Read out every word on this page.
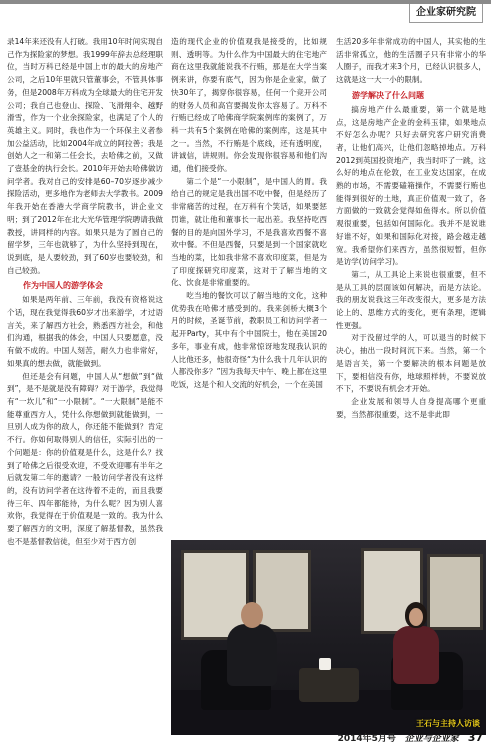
企业家研究院

录14年来还没有人打破。我用10年时间实现自己作为探险家的梦想。我1999年辞去总经理职位，当时万科已经是中国上市的最大的房地产公司，之后10年里就只管董事会，不管具体事务，但是2008年万科成为全球最大的住宅开发公司；我自己也登山、探险、飞滑翔伞、越野滑雪，作为一个业余探险家，也满足了个人的英雄主义。同时，我也作为一个环保主义者参加公益活动，比如2004年成立的阿拉善；我是创始人之一和第二任会长，去哈佛之前，又做了壹基金的执行会长。2010年开始去哈佛做访问学者。我对自己的安排是60–70岁逐步减少探险活动，更多地作为老师去大学教书。2009年我开始在香港大学商学院教书，讲企业文明；到了2012年在北大光华管理学院聘请我做教授，讲同样的内容。如果只是为了圆自己的留学梦，三年也就够了，为什么坚持到现在，说到底，是人要较劲，到了60岁也要较劲，和自己较劲。

作为中国人的游学体会

如果是两年前、三年前，我没有资格说这个话，现在我觉得我60岁才出来游学，才过语言关，来了解西方社会，熟悉西方社会，和他们沟通，根据我的体会，中国人只要愿意，没有做不成的。中国人刻苦，耐久力也非常好，如果真的想去做，就能做到。

但还是会有问题，中国人从“想做”到“做到”，是不是就是没有障碍？对于游学，我觉得有“一坎儿”和“一小限制”。“一大限制”是能不能尊重西方人，凭什么你想做到就能做到，一旦别人成为你的敌人，你还能不能做到？肯定不行。你如何取得别人的信任，实际引出的一个问题是：你的价值观是什么，这是什么？找到了哈佛之后很受欢迎，不受欢迎哪有半年之后就发第二年的邀请？一般访问学者没有这样的，没有访问学者在这待着不走的，而且我要待三年、四年都能待，为什么呢？因为别人喜欢你，我觉得在于价值观是一致的。我为什么要了解西方的文明，深度了解基督教，虽然我也不是基督教信徒，但至少对于西方创

造的现代企业的价值观我是接受的，比如规则、透明等。为什么作为中国最大的住宅地产商在这里我就能说我不行贿，那是在大学当案例来讲，你要有底气，因为你是企业家，做了快30年了，揭穿你很容易，任何一个竞开公司的财务人员和高官要揭发你太容易了。万科不行贿已经成了哈佛商学院案例库的案例了，万科一共有5个案例在哈佛的案例库，这是其中之一。当然，不行贿是个底线，还有透明度，讲诚信，讲规则。你会发现你很容易和他们沟通，他们接受你。

第二个是“一小限制”，是中国人的胃。我给自己的规定是我出国不吃中餐，但是经历了非常痛苦的过程，在万科有个笑话，如果要惩罚谁，就让他和董事长一起出差。我坚持吃西餐的目的是向国外学习，不是我喜欢西餐不喜欢中餐。不但是西餐，只要是到一个国家就吃当地的菜，比如我非常不喜欢印度菜，但是为了印度探研究印度菜，这对于了解当地的文化、饮食是非常重要的。

吃当地的餐饮可以了解当地的文化，这种优势我在哈佛才感受到的。我来剑桥大概3个月的时候，圣诞节前，教职员工和访问学者一起开Party，其中有个中国院士，他在美国20多年，事业有成，他非常惊讶地发现我认识的人比他还多，他很奇怪“为什么我十几年认识的人都没你多？”因为我每天中午、晚上都在这里吃饭，这是个和人交流的好机会，一个在美国

生活20多年非常成功的中国人，其实他的生活非常孤立，他的生活圈子只有非常小的华人圈子，而我才来3个月，已经认识很多人，这就是这一大一小的限制。

游学解决了什么问题

搞房地产什么最重要，第一个就是地点，这是房地产企业的金科玉律，如果地点不好怎么办呢？只好去研究客户研究消费者，让他们高兴，让他们忽略掉地点。万科2012到英国投资地产，我当时吓了一跳，这么好的地点在伦敦，在工业发达国家，在成熟的市场，不需要磕箱操作，不需要行贿也能得到很好的土地，真正价值观一致了，各方面做的一致就会觉得如鱼得水。所以价值观很重要，包括如何国际化。我并不是说谁好谁不好，如果和国际化对接，路会越走越宽。我希望你们来西方，虽然很短暂，但你是访学(访问学习)。

第二，从工具论上来说也很重要，但不是从工具的层面该如何解决，而是方法论。我的朋友说我这三年改变很大，更多是方法论上的、思维方式的变化，更有条理，逻辑性更强。

对于没留过学的人，可以退当的时候下决心，抽出一段时间沉下来。当然，第一个是语言关，第一个要解决的根本问题是放下，要相信没有你，地球照样转，不要说放不下，不要说有机会才开始。

企业发展和领导人自身提高哪个更重要，当然都很重要，这不是非此即

王石与主持人访谈
2014年5月号 企业与企业家 37
